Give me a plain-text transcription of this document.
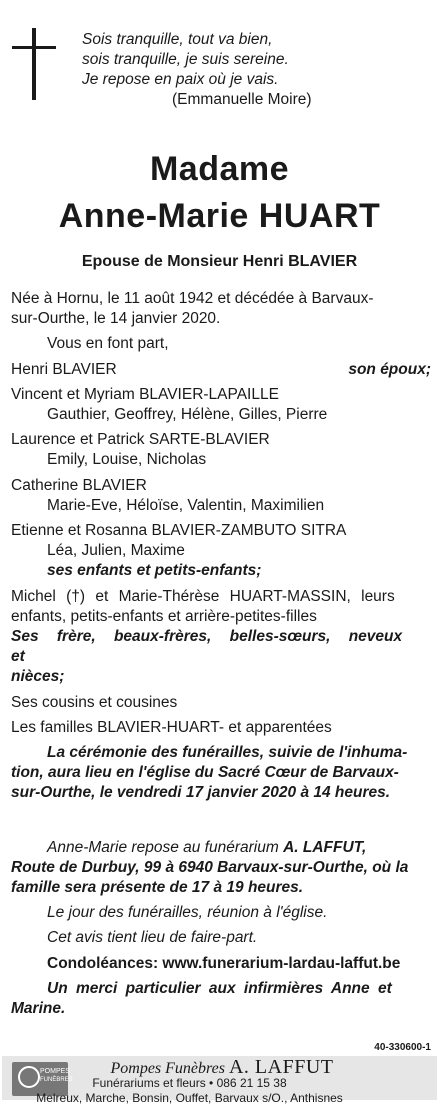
Sois tranquille, tout va bien,
sois tranquille, je suis sereine.
Je repose en paix où je vais.
(Emmanuelle Moire)
Madame
Anne-Marie HUART
Epouse de Monsieur Henri BLAVIER
Née à Hornu, le 11 août 1942 et décédée à Barvaux-
sur-Ourthe, le 14 janvier 2020.
Vous en font part,
Henri BLAVIER	son époux;
Vincent et Myriam BLAVIER-LAPAILLE
Gauthier, Geoffrey, Hélène, Gilles, Pierre
Laurence et Patrick SARTE-BLAVIER
Emily, Louise, Nicholas
Catherine BLAVIER
Marie-Eve, Héloïse, Valentin, Maximilien
Etienne et Rosanna BLAVIER-ZAMBUTO SITRA
Léa, Julien, Maxime
ses enfants et petits-enfants;
Michel (†) et Marie-Thérèse HUART-MASSIN, leurs
enfants, petits-enfants et arrière-petites-filles
Ses frère, beaux-frères, belles-sœurs, neveux et
nièces;
Ses cousins et cousines
Les familles BLAVIER-HUART- et apparentées
La cérémonie des funérailles, suivie de l'inhuma-
tion, aura lieu en l'église du Sacré Cœur de Barvaux-
sur-Ourthe, le vendredi 17 janvier 2020 à 14 heures.
Anne-Marie repose au funérarium A. LAFFUT,
Route de Durbuy, 99 à 6940 Barvaux-sur-Ourthe, où la
famille sera présente de 17 à 19 heures.
Le jour des funérailles, réunion à l'église.
Cet avis tient lieu de faire-part.
Condoléances: www.funerarium-lardau-laffut.be
Un merci particulier aux infirmières Anne et
Marine.
40-330600-1
POMPES
FUNÈBRES
Pompes Funèbres A. LAFFUT
Funérariums et fleurs • 086 21 15 38
Melreux, Marche, Bonsin, Ouffet, Barvaux s/O., Anthisnes
